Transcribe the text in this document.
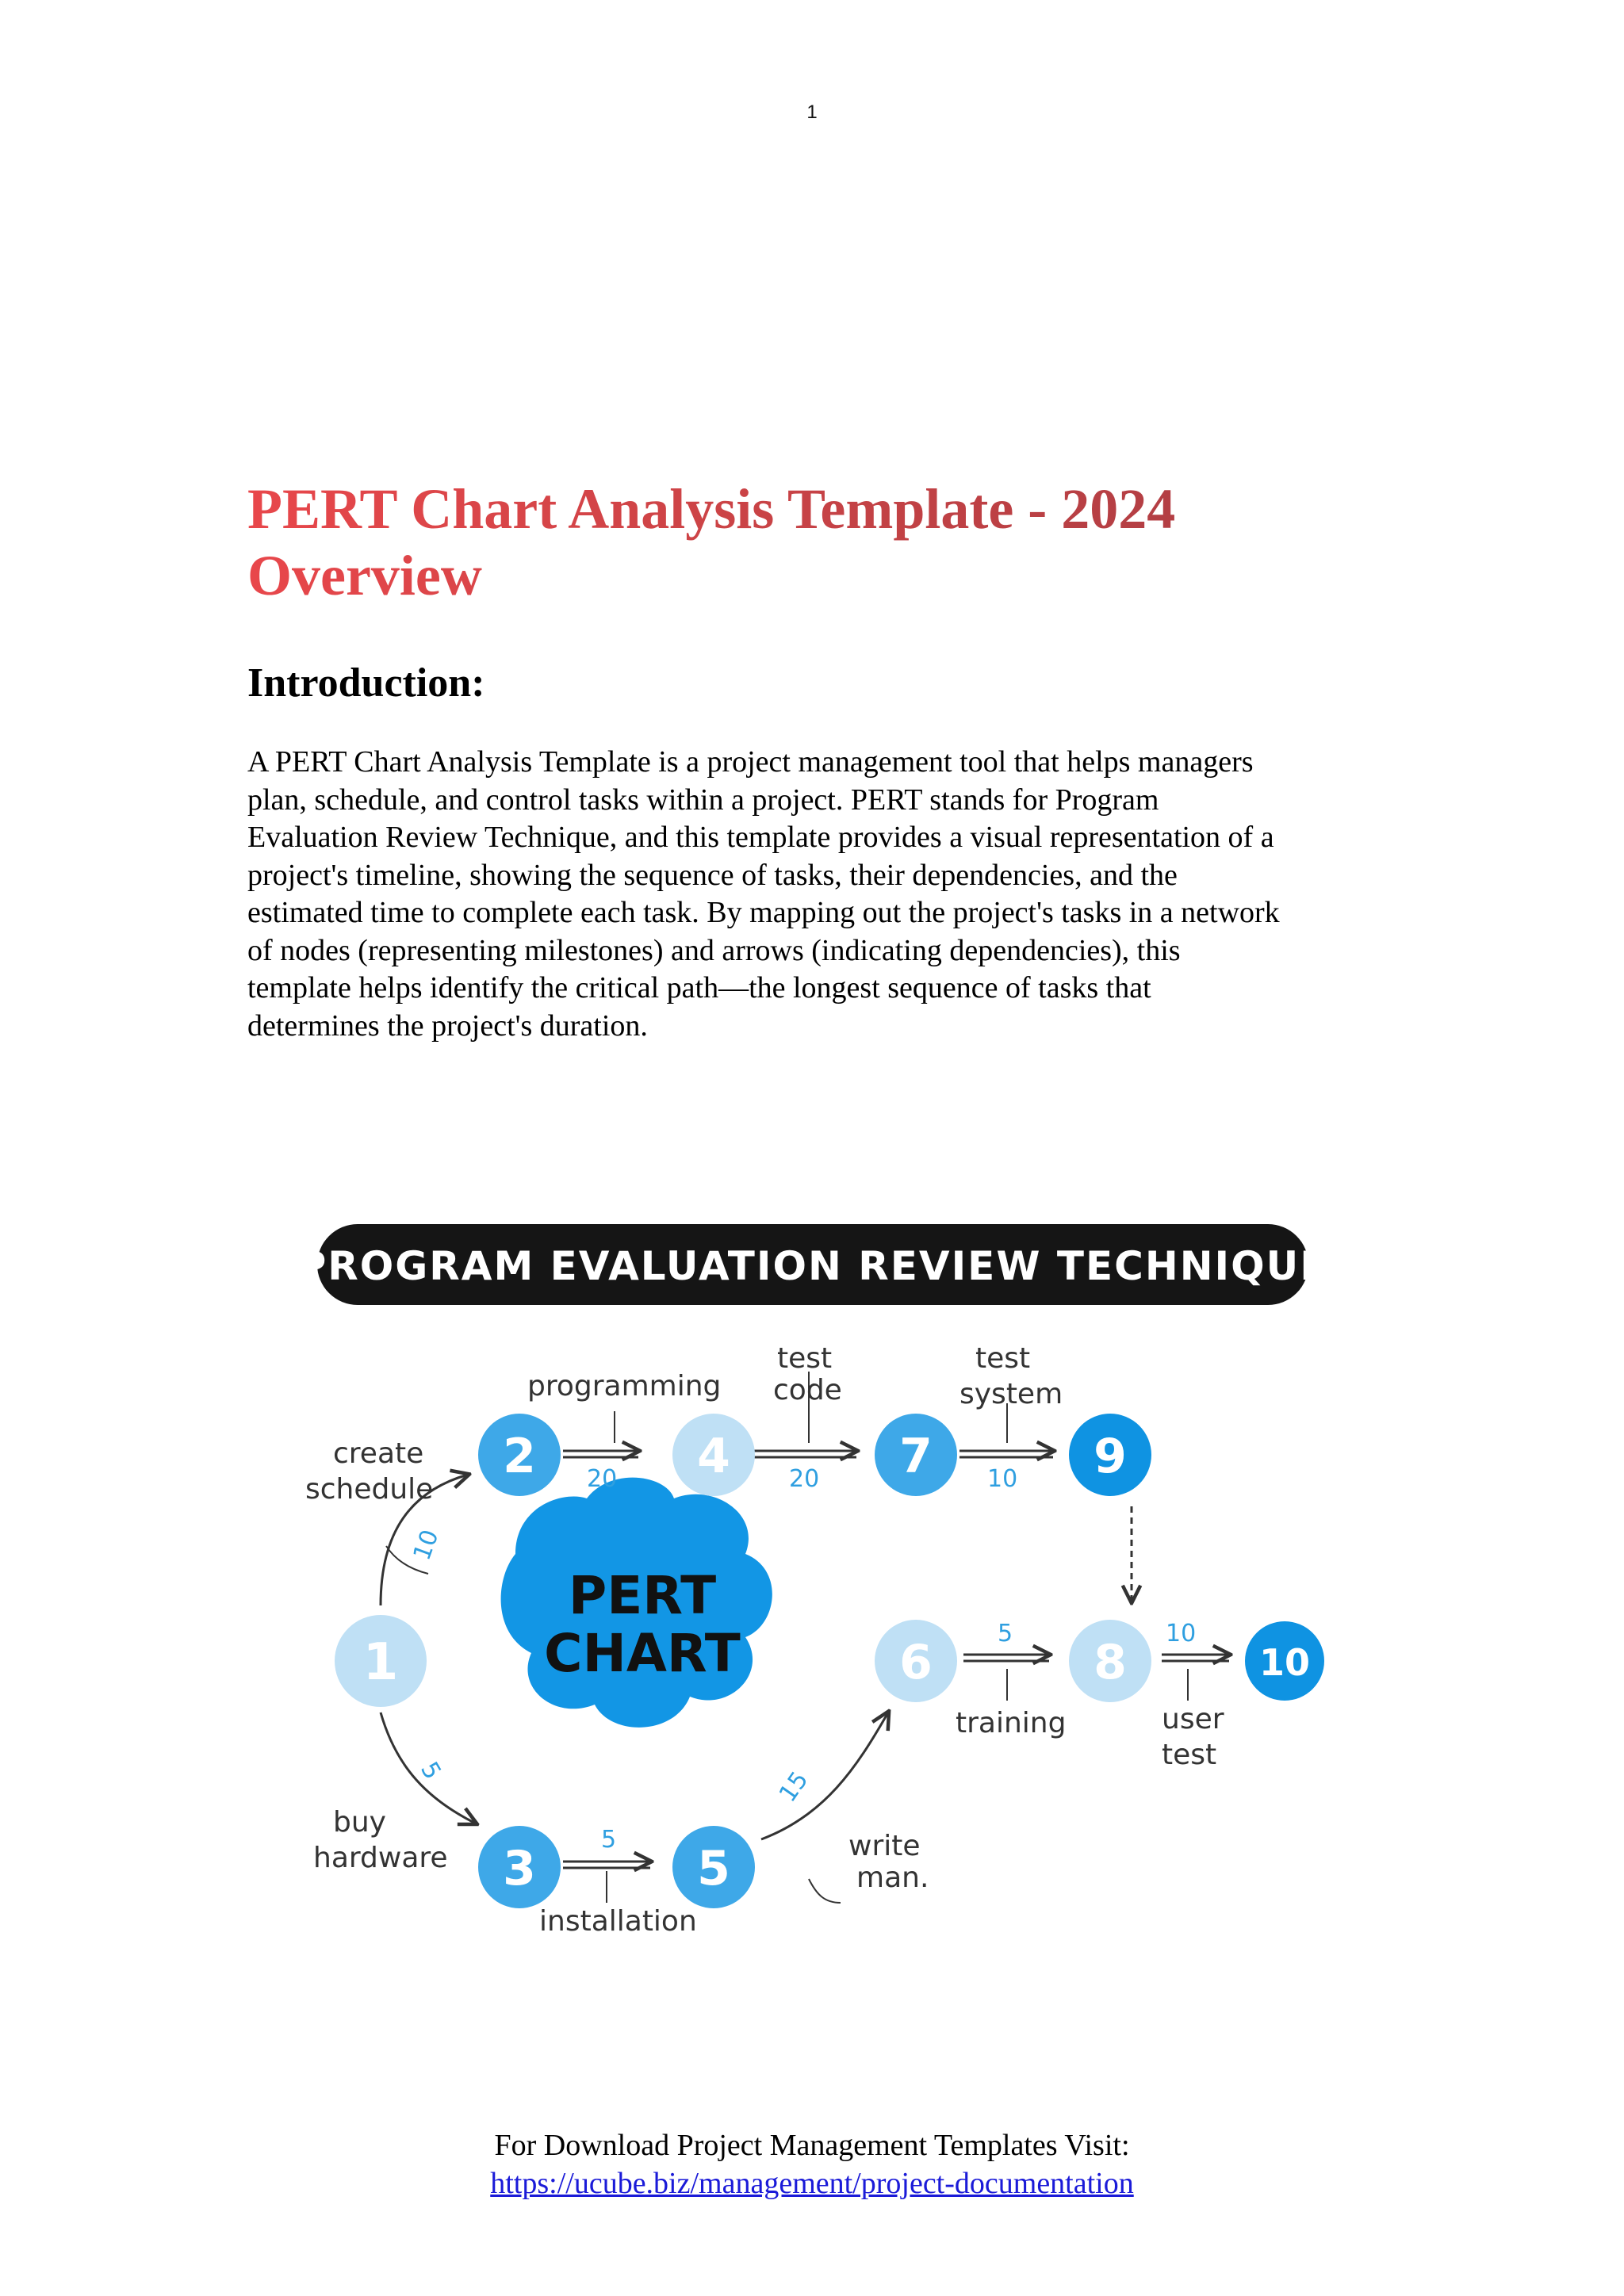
1
PERT Chart Analysis Template - 2024
Overview
Introduction:
A PERT Chart Analysis Template is a project management tool that helps managers
plan, schedule, and control tasks within a project. PERT stands for Program
Evaluation Review Technique, and this template provides a visual representation of a
project's timeline, showing the sequence of tasks, their dependencies, and the
estimated time to complete each task. By mapping out the project's tasks in a network
of nodes (representing milestones) and arrows (indicating dependencies), this
template helps identify the critical path—the longest sequence of tasks that
determines the project's duration.
PROGRAM EVALUATION REVIEW TECHNIQUE
PERT
CHART
1
2	4	7	9
3	5
6	8	10
10
20	20	10
5
5
15
5	10
create
schedule
programming
test
code
test
system
buy
hardware
installation
write
man.
training	user
test
For Download Project Management Templates Visit:
https://ucube.biz/management/project-documentation
